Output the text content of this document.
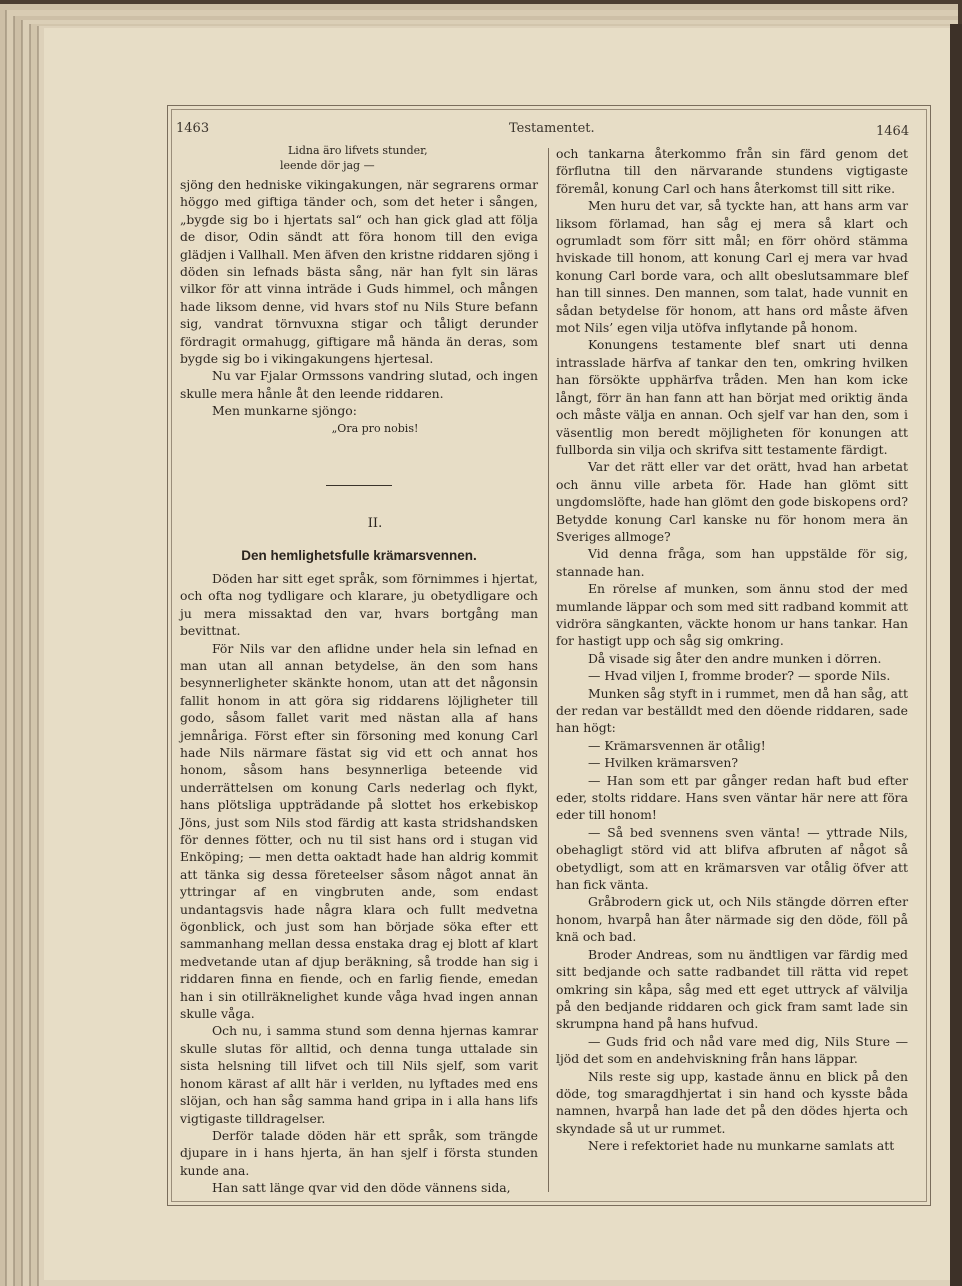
1463	Testamentet.	1464
Lidna äro lifvets stunder,
leende dör jag —

sjöng den hedniske vikingakungen, när segrarens ormar höggo med giftiga tänder och, som det heter i sången, „bygde sig bo i hjertats sal“ och han gick glad att följa de disor, Odin sändt att föra honom till den eviga glädjen i Vallhall. Men äfven den kristne riddaren sjöng i döden sin lefnads bästa sång, när han fylt sin läras vilkor för att vinna inträde i Guds himmel, och mången hade liksom denne, vid hvars stof nu Nils Sture befann sig, vandrat törnvuxna stigar och tåligt derunder fördragit ormahugg, giftigare må hända än deras, som bygde sig bo i vikingakungens hjertesal.

Nu var Fjalar Ormssons vandring slutad, och ingen skulle mera hånle åt den leende riddaren.

Men munkarne sjöngo:

„Ora pro nobis!

II.

Den hemlighetsfulle krämarsvennen.

Döden har sitt eget språk, som förnimmes i hjertat, och ofta nog tydligare och klarare, ju obetydligare och ju mera missaktad den var, hvars bortgång man bevittnat.

För Nils var den aflidne under hela sin lefnad en man utan all annan betydelse, än den som hans besynnerligheter skänkte honom, utan att det någonsin fallit honom in att göra sig riddarens löjligheter till godo, såsom fallet varit med nästan alla af hans jemnåriga. Först efter sin försoning med konung Carl hade Nils närmare fästat sig vid ett och annat hos honom, såsom hans besynnerliga beteende vid underrättelsen om konung Carls nederlag och flykt, hans plötsliga uppträdande på slottet hos erkebiskop Jöns, just som Nils stod färdig att kasta stridshandsken för dennes fötter, och nu til sist hans ord i stugan vid Enköping; — men detta oaktadt hade han aldrig kommit att tänka sig dessa företeelser såsom något annat än yttringar af en vingbruten ande, som endast undantagsvis hade några klara och fullt medvetna ögonblick, och just som han började söka efter ett sammanhang mellan dessa enstaka drag ej blott af klart medvetande utan af djup beräkning, så trodde han sig i riddaren finna en fiende, och en farlig fiende, emedan han i sin otillräknelighet kunde våga hvad ingen annan skulle våga.

Och nu, i samma stund som denna hjernas kamrar skulle slutas för alltid, och denna tunga uttalade sin sista helsning till lifvet och till Nils sjelf, som varit honom kärast af allt här i verlden, nu lyftades med ens slöjan, och han såg samma hand gripa in i alla hans lifs vigtigaste tilldragelser.

Derför talade döden här ett språk, som trängde djupare in i hans hjerta, än han sjelf i första stunden kunde ana.

Han satt länge qvar vid den döde vännens sida,

och tankarna återkommo från sin färd genom det förflutna till den närvarande stundens vigtigaste föremål, konung Carl och hans återkomst till sitt rike.

Men huru det var, så tyckte han, att hans arm var liksom förlamad, han såg ej mera så klart och ogrumladt som förr sitt mål; en förr ohörd stämma hviskade till honom, att konung Carl ej mera var hvad konung Carl borde vara, och allt obeslutsammare blef han till sinnes. Den mannen, som talat, hade vunnit en sådan betydelse för honom, att hans ord måste äfven mot Nils’ egen vilja utöfva inflytande på honom.

Konungens testamente blef snart uti denna intrasslade härfva af tankar den ten, omkring hvilken han försökte upphärfva tråden. Men han kom icke långt, förr än han fann att han börjat med oriktig ända och måste välja en annan. Och sjelf var han den, som i väsentlig mon beredt möjligheten för konungen att fullborda sin vilja och skrifva sitt testamente färdigt.

Var det rätt eller var det orätt, hvad han arbetat och ännu ville arbeta för. Hade han glömt sitt ungdomslöfte, hade han glömt den gode biskopens ord? Betydde konung Carl kanske nu för honom mera än Sveriges allmoge?

Vid denna fråga, som han uppstälde för sig, stannade han.

En rörelse af munken, som ännu stod der med mumlande läppar och som med sitt radband kommit att vidröra sängkanten, väckte honom ur hans tankar. Han for hastigt upp och såg sig omkring.

Då visade sig åter den andre munken i dörren.

— Hvad viljen I, fromme broder? — sporde Nils.

Munken såg styft in i rummet, men då han såg, att der redan var beställdt med den döende riddaren, sade han högt:

— Krämarsvennen är otålig!

— Hvilken krämarsven?

— Han som ett par gånger redan haft bud efter eder, stolts riddare. Hans sven väntar här nere att föra eder till honom!

— Så bed svennens sven vänta! — yttrade Nils, obehagligt störd vid att blifva afbruten af något så obetydligt, som att en krämarsven var otålig öfver att han fick vänta.

Gråbrodern gick ut, och Nils stängde dörren efter honom, hvarpå han åter närmade sig den döde, föll på knä och bad.

Broder Andreas, som nu ändtligen var färdig med sitt bedjande och satte radbandet till rätta vid repet omkring sin kåpa, såg med ett eget uttryck af välvilja på den bedjande riddaren och gick fram samt lade sin skrumpna hand på hans hufvud.

— Guds frid och nåd vare med dig, Nils Sture — ljöd det som en andehviskning från hans läppar.

Nils reste sig upp, kastade ännu en blick på den döde, tog smaragdhjertat i sin hand och kysste båda namnen, hvarpå han lade det på den dödes hjerta och skyndade så ut ur rummet.

Nere i refektoriet hade nu munkarne samlats att
